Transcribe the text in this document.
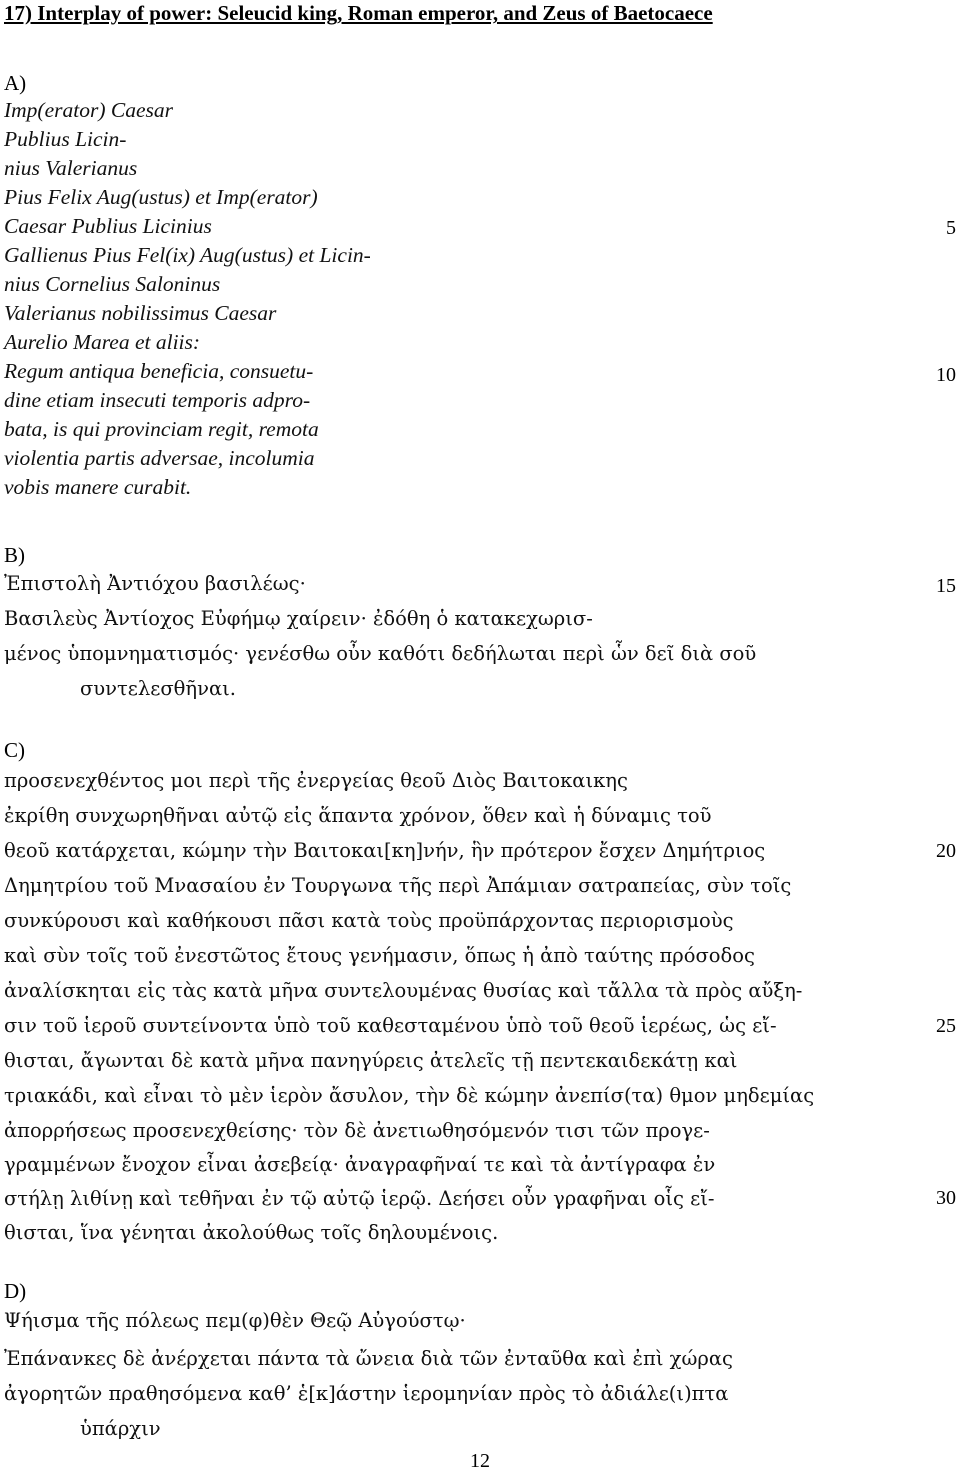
17) Interplay of power: Seleucid king, Roman emperor, and Zeus of Baetocaece
A)
Imp(erator) Caesar
Publius Licin-
nius Valerianus
Pius Felix Aug(ustus) et Imp(erator)
Caesar Publius Licinius
Gallienus Pius Fel(ix) Aug(ustus) et Licin-
nius Cornelius Saloninus
Valerianus nobilissimus Caesar
Aurelio Marea et aliis:
Regum antiqua beneficia, consuetu-
dine etiam insecuti temporis adpro-
bata, is qui provinciam regit, remota
violentia partis adversae, incolumia
vobis manere curabit.
B)
Ἐπιστολὴ Ἀντιόχου βασιλέως·
Βασιλεὺς Ἀντίοχος Εὐφήμῳ χαίρειν· ἐδόθη ὁ κατακεχωρισ-
μένος ὑπομνηματισμός· γενέσθω οὖν καθότι δεδήλωται περὶ ὧν δεῖ διὰ σοῦ
συντελεσθῆναι.
C)
προσενεχθέντος μοι περὶ τῆς ἐνεργείας θεοῦ Διὸς Βαιτοκαικης
ἐκρίθη συνχωρηθῆναι αὐτῷ εἰς ἅπαντα χρόνον, ὅθεν καὶ ἡ δύναμις τοῦ
θεοῦ κατάρχεται, κώμην τὴν Βαιτοκαι[κη]νήν, ἣν πρότερον ἔσχεν Δημήτριος
Δημητρίου τοῦ Μνασαίου ἐν Τουργωνα τῆς περὶ Ἀπάμιαν σατραπείας, σὺν τοῖς
συνκύρουσι καὶ καθήκουσι πᾶσι κατὰ τοὺς προϋπάρχοντας περιορισμοὺς
καὶ σὺν τοῖς τοῦ ἐνεστῶτος ἔτους γενήμασιν, ὅπως ἡ ἀπὸ ταύτης πρόσοδος
ἀναλίσκηται εἰς τὰς κατὰ μῆνα συντελουμένας θυσίας καὶ τἄλλα τὰ πρὸς αὔξη-
σιν τοῦ ἱεροῦ συντείνοντα ὑπὸ τοῦ καθεσταμένου ὑπὸ τοῦ θεοῦ ἱερέως, ὡς εἴ-
θισται, ἄγωνται δὲ κατὰ μῆνα πανηγύρεις ἀτελεῖς τῇ πεντεκαιδεκάτῃ καὶ
τριακάδι, καὶ εἶναι τὸ μὲν ἱερὸν ἄσυλον, τὴν δὲ κώμην ἀνεπίσ(τα) θμον μηδεμίας
ἀπορρήσεως προσενεχθείσης· τὸν δὲ ἀνετιωθησόμενόν τισι τῶν προγε-
γραμμένων ἔνοχον εἶναι ἀσεβείᾳ· ἀναγραφῆναί τε καὶ τὰ ἀντίγραφα ἐν
στήλῃ λιθίνῃ καὶ τεθῆναι ἐν τῷ αὐτῷ ἱερῷ. Δεήσει οὖν γραφῆναι οἷς εἴ-
θισται, ἵνα γένηται ἀκολούθως τοῖς δηλουμένοις.
D)
Ψήισμα τῆς πόλεως πεμ(φ)θὲν Θεῷ Αὐγούστῳ·
Ἐπάνανκες δὲ ἀνέρχεται πάντα τὰ ὤνεια διὰ τῶν ἐνταῦθα καὶ ἐπὶ χώρας
ἀγορητῶν πραθησόμενα καθ’ ἑ[κ]άστην ἱερομηνίαν πρὸς τὸ ἀδιάλε(ι)πτα
ὑπάρχιν
5
10
15
20
25
30
12
